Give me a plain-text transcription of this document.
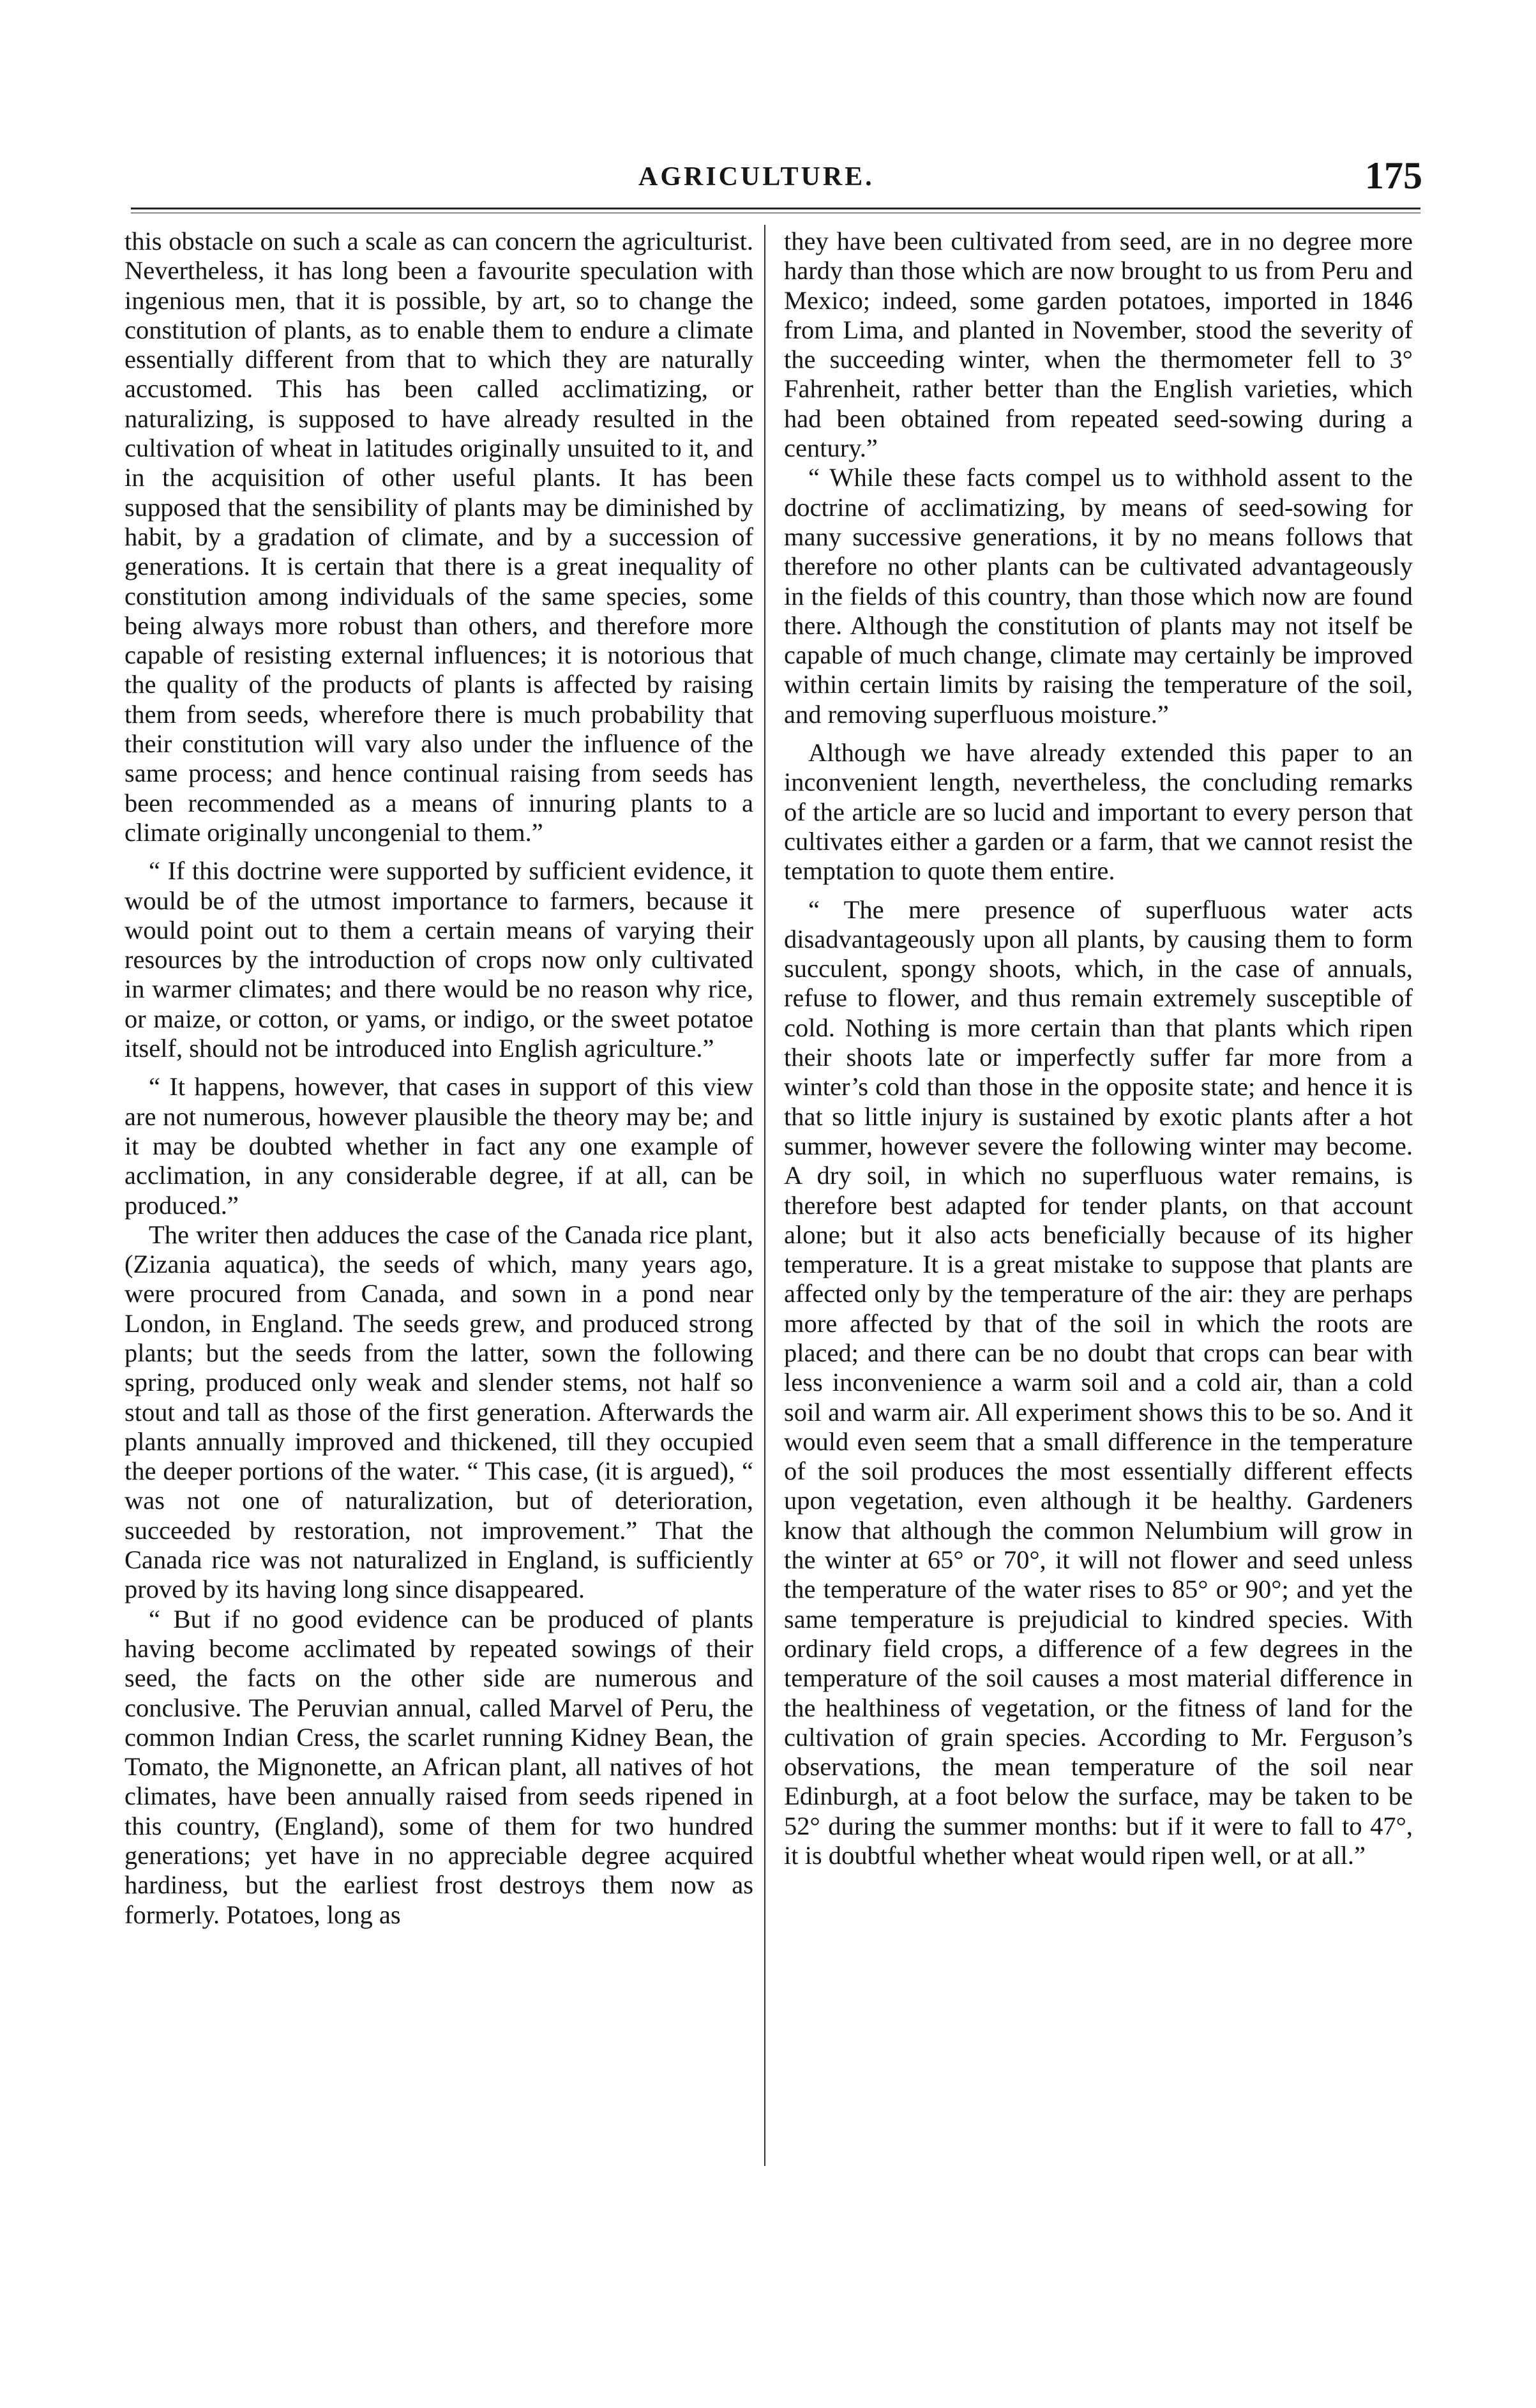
AGRICULTURE.	175

this obstacle on such a scale as can concern the agriculturist. Nevertheless, it has long been a favourite speculation with ingenious men, that it is possible, by art, so to change the constitution of plants, as to enable them to endure a climate essentially different from that to which they are naturally accustomed. This has been called acclimatizing, or naturalizing, is supposed to have already resulted in the cultivation of wheat in latitudes originally unsuited to it, and in the acquisition of other useful plants. It has been supposed that the sensibility of plants may be diminished by habit, by a gradation of climate, and by a succession of generations. It is certain that there is a great inequality of constitution among individuals of the same species, some being always more robust than others, and therefore more capable of resisting external influences; it is notorious that the quality of the products of plants is affected by raising them from seeds, wherefore there is much probability that their constitution will vary also under the influence of the same process; and hence continual raising from seeds has been recommended as a means of innuring plants to a climate originally uncongenial to them.”

“ If this doctrine were supported by sufficient evidence, it would be of the utmost importance to farmers, because it would point out to them a certain means of varying their resources by the introduction of crops now only cultivated in warmer climates; and there would be no reason why rice, or maize, or cotton, or yams, or indigo, or the sweet potatoe itself, should not be introduced into English agriculture.”

“ It happens, however, that cases in support of this view are not numerous, however plausible the theory may be; and it may be doubted whether in fact any one example of acclimation, in any considerable degree, if at all, can be produced.”

The writer then adduces the case of the Canada rice plant, (Zizania aquatica), the seeds of which, many years ago, were procured from Canada, and sown in a pond near London, in England. The seeds grew, and produced strong plants; but the seeds from the latter, sown the following spring, produced only weak and slender stems, not half so stout and tall as those of the first generation. Afterwards the plants annually improved and thickened, till they occupied the deeper portions of the water. “ This case, (it is argued), “ was not one of naturalization, but of deterioration, succeeded by restoration, not improvement.” That the Canada rice was not naturalized in England, is sufficiently proved by its having long since disappeared.

“ But if no good evidence can be produced of plants having become acclimated by repeated sowings of their seed, the facts on the other side are numerous and conclusive. The Peruvian annual, called Marvel of Peru, the common Indian Cress, the scarlet running Kidney Bean, the Tomato, the Mignonette, an African plant, all natives of hot climates, have been annually raised from seeds ripened in this country, (England), some of them for two hundred generations; yet have in no appreciable degree acquired hardiness, but the earliest frost destroys them now as formerly. Potatoes, long as

they have been cultivated from seed, are in no degree more hardy than those which are now brought to us from Peru and Mexico; indeed, some garden potatoes, imported in 1846 from Lima, and planted in November, stood the severity of the succeeding winter, when the thermometer fell to 3° Fahrenheit, rather better than the English varieties, which had been obtained from repeated seed-sowing during a century.”

“ While these facts compel us to withhold assent to the doctrine of acclimatizing, by means of seed-sowing for many successive generations, it by no means follows that therefore no other plants can be cultivated advantageously in the fields of this country, than those which now are found there. Although the constitution of plants may not itself be capable of much change, climate may certainly be improved within certain limits by raising the temperature of the soil, and removing superfluous moisture.”

Although we have already extended this paper to an inconvenient length, nevertheless, the concluding remarks of the article are so lucid and important to every person that cultivates either a garden or a farm, that we cannot resist the temptation to quote them entire.

“ The mere presence of superfluous water acts disadvantageously upon all plants, by causing them to form succulent, spongy shoots, which, in the case of annuals, refuse to flower, and thus remain extremely susceptible of cold. Nothing is more certain than that plants which ripen their shoots late or imperfectly suffer far more from a winter’s cold than those in the opposite state; and hence it is that so little injury is sustained by exotic plants after a hot summer, however severe the following winter may become. A dry soil, in which no superfluous water remains, is therefore best adapted for tender plants, on that account alone; but it also acts beneficially because of its higher temperature. It is a great mistake to suppose that plants are affected only by the temperature of the air: they are perhaps more affected by that of the soil in which the roots are placed; and there can be no doubt that crops can bear with less inconvenience a warm soil and a cold air, than a cold soil and warm air. All experiment shows this to be so. And it would even seem that a small difference in the temperature of the soil produces the most essentially different effects upon vegetation, even although it be healthy. Gardeners know that although the common Nelumbium will grow in the winter at 65° or 70°, it will not flower and seed unless the temperature of the water rises to 85° or 90°; and yet the same temperature is prejudicial to kindred species. With ordinary field crops, a difference of a few degrees in the temperature of the soil causes a most material difference in the healthiness of vegetation, or the fitness of land for the cultivation of grain species. According to Mr. Ferguson’s observations, the mean temperature of the soil near Edinburgh, at a foot below the surface, may be taken to be 52° during the summer months: but if it were to fall to 47°, it is doubtful whether wheat would ripen well, or at all.”
